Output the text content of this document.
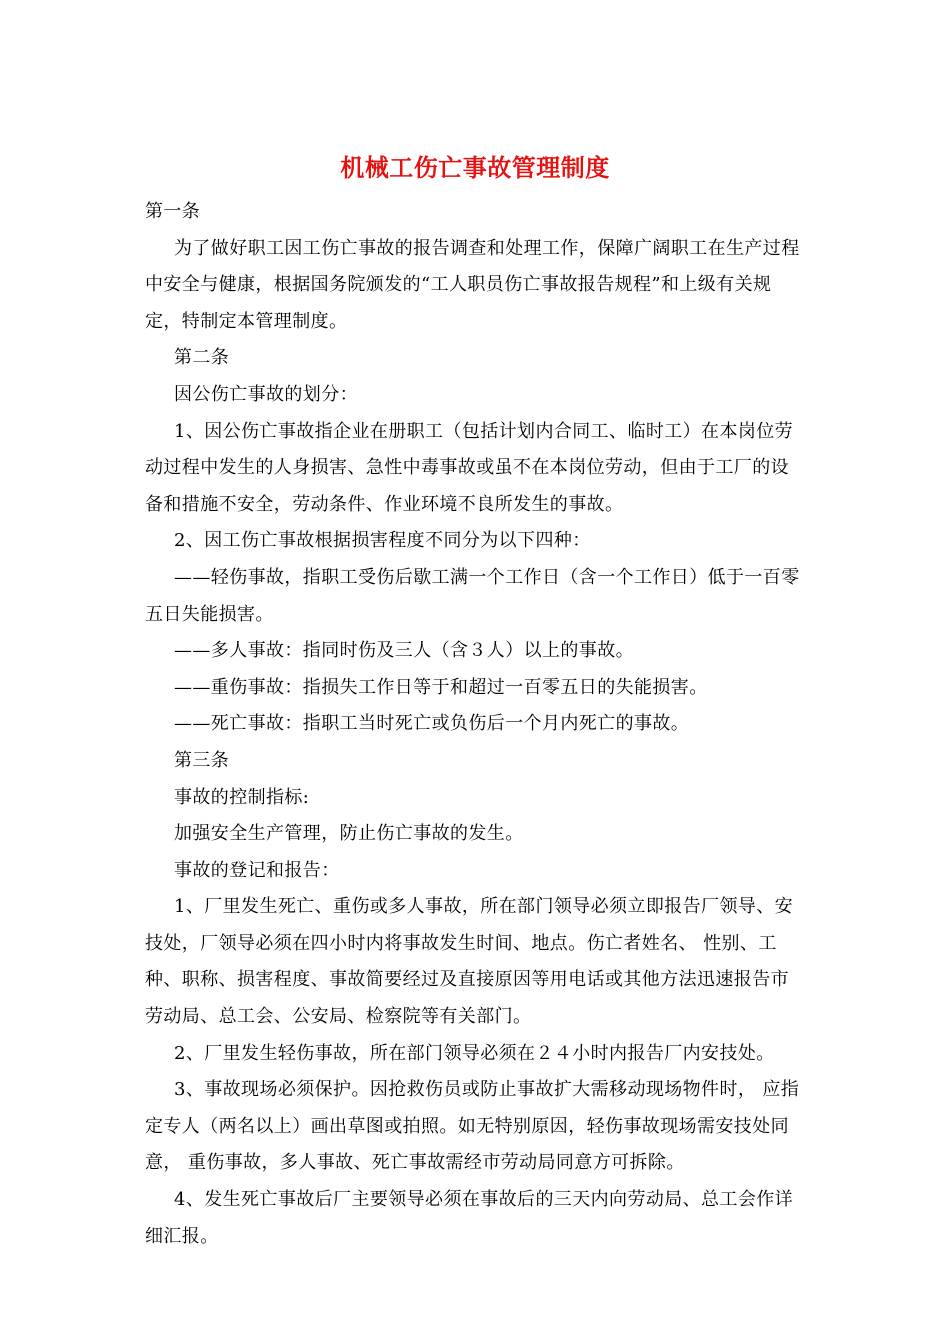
机械工伤亡事故管理制度

第一条

为了做好职工因工伤亡事故的报告调查和处理工作，保障广阔职工在生产过程中安全与健康，根据国务院颁发的“工人职员伤亡事故报告规程”和上级有关规定，特制定本管理制度。

第二条

因公伤亡事故的划分：

1、因公伤亡事故指企业在册职工（包括计划内合同工、临时工）在本岗位劳动过程中发生的人身损害、急性中毒事故或虽不在本岗位劳动，但由于工厂的设备和措施不安全，劳动条件、作业环境不良所发生的事故。

2、因工伤亡事故根据损害程度不同分为以下四种：

——轻伤事故，指职工受伤后歇工满一个工作日（含一个工作日）低于一百零五日失能损害。

——多人事故：指同时伤及三人（含３人）以上的事故。

——重伤事故：指损失工作日等于和超过一百零五日的失能损害。

——死亡事故：指职工当时死亡或负伤后一个月内死亡的事故。

第三条

事故的控制指标:

加强安全生产管理，防止伤亡事故的发生。

事故的登记和报告：

1、厂里发生死亡、重伤或多人事故，所在部门领导必须立即报告厂领导、安技处，厂领导必须在四小时内将事故发生时间、地点。伤亡者姓名、 性别、工种、职称、损害程度、事故简要经过及直接原因等用电话或其他方法迅速报告市劳动局、总工会、公安局、检察院等有关部门。

2、厂里发生轻伤事故，所在部门领导必须在２４小时内报告厂内安技处。

3、事故现场必须保护。因抢救伤员或防止事故扩大需移动现场物件时， 应指定专人（两名以上）画出草图或拍照。如无特别原因，轻伤事故现场需安技处同意， 重伤事故，多人事故、死亡事故需经市劳动局同意方可拆除。

4、发生死亡事故后厂主要领导必须在事故后的三天内向劳动局、总工会作详细汇报。
